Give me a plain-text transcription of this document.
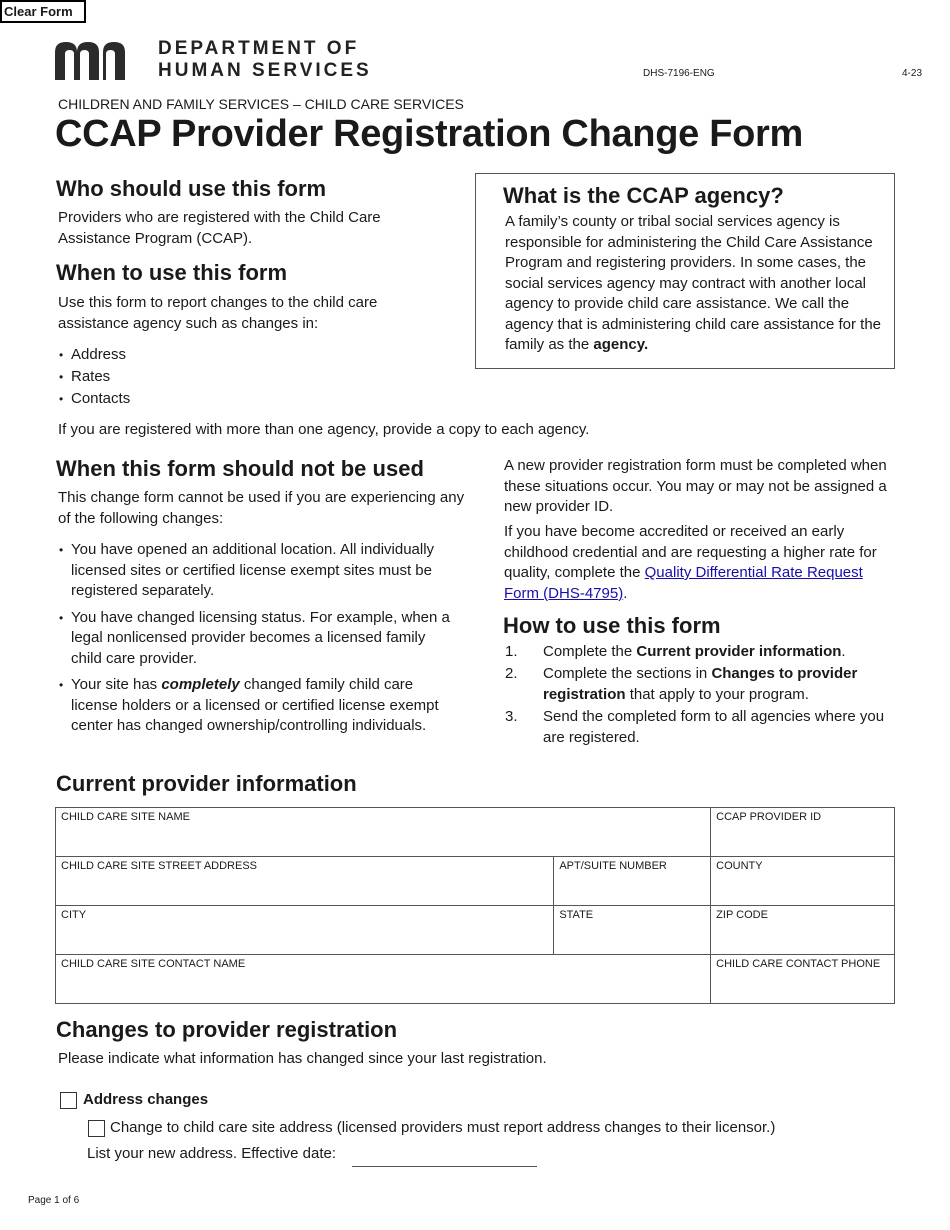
Clear Form
DEPARTMENT OF
HUMAN SERVICES	DHS-7196-ENG	4-23
CHILDREN AND FAMILY SERVICES – CHILD CARE SERVICES
CCAP Provider Registration Change Form
Who should use this form

Providers who are registered with the Child Care Assistance Program (CCAP).

When to use this form

Use this form to report changes to the child care assistance agency such as changes in:

• Address
• Rates
• Contacts

If you are registered with more than one agency, provide a copy to each agency.

What is the CCAP agency?

A family’s county or tribal social services agency is responsible for administering the Child Care Assistance Program and registering providers. In some cases, the social services agency may contract with another local agency to provide child care assistance. We call the agency that is administering child care assistance for the family as the agency.

When this form should not be used

This change form cannot be used if you are experiencing any of the following changes:

• You have opened an additional location. All individually licensed sites or certified license exempt sites must be registered separately.
• You have changed licensing status. For example, when a legal nonlicensed provider becomes a licensed family child care provider.
• Your site has completely changed family child care license holders or a licensed or certified license exempt center has changed ownership/controlling individuals.

A new provider registration form must be completed when these situations occur. You may or may not be assigned a new provider ID.

If you have become accredited or received an early childhood credential and are requesting a higher rate for quality, complete the Quality Differential Rate Request Form (DHS-4795).

How to use this form
1. Complete the Current provider information.
2. Complete the sections in Changes to provider registration that apply to your program.
3. Send the completed form to all agencies where you are registered.
Current provider information
CHILD CARE SITE NAME		CCAP PROVIDER ID
CHILD CARE SITE STREET ADDRESS	APT/SUITE NUMBER	COUNTY
CITY	STATE	ZIP CODE
CHILD CARE SITE CONTACT NAME		CHILD CARE CONTACT PHONE
Changes to provider registration

Please indicate what information has changed since your last registration.

Address changes
Change to child care site address (licensed providers must report address changes to their licensor.)
List your new address. Effective date:
Page 1 of 6
